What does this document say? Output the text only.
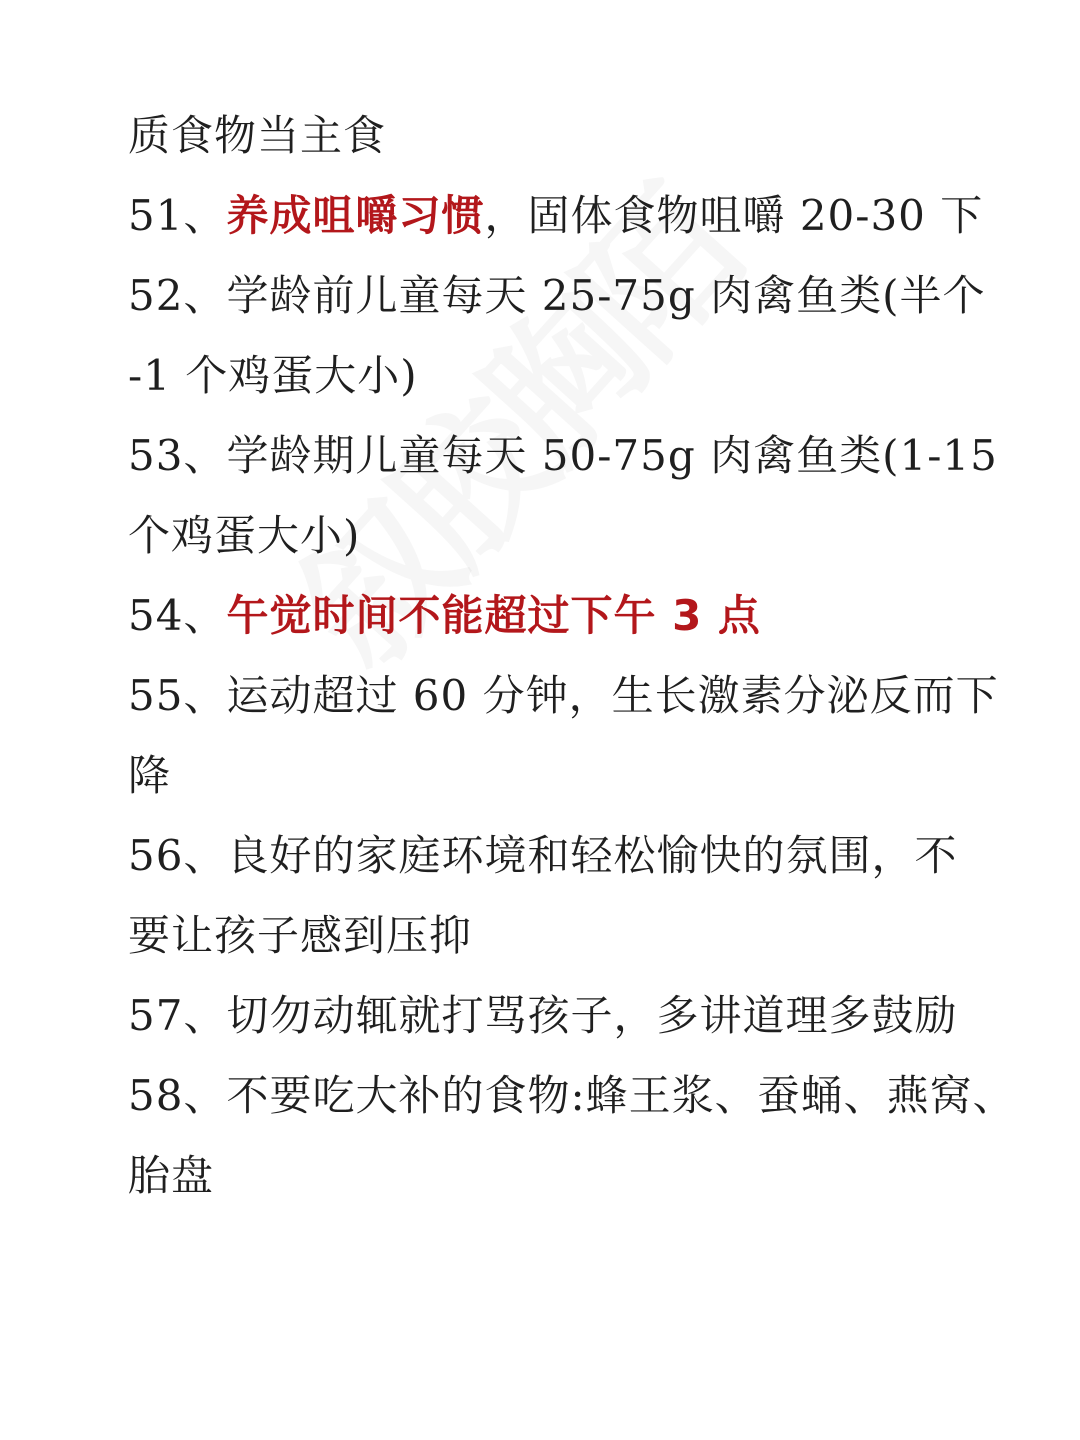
质食物当主食
51、养成咀嚼习惯，固体食物咀嚼 20-30 下
52、学龄前儿童每天 25-75g 肉禽鱼类(半个
-1 个鸡蛋大小)
53、学龄期儿童每天 50-75g 肉禽鱼类(1-15
个鸡蛋大小)
54、午觉时间不能超过下午 3 点
55、运动超过 60 分钟，生长激素分泌反而下
降
56、良好的家庭环境和轻松愉快的氛围，不
要让孩子感到压抑
57、切勿动辄就打骂孩子，多讲道理多鼓励
58、不要吃大补的食物:蜂王浆、蚕蛹、燕窝、
胎盘
